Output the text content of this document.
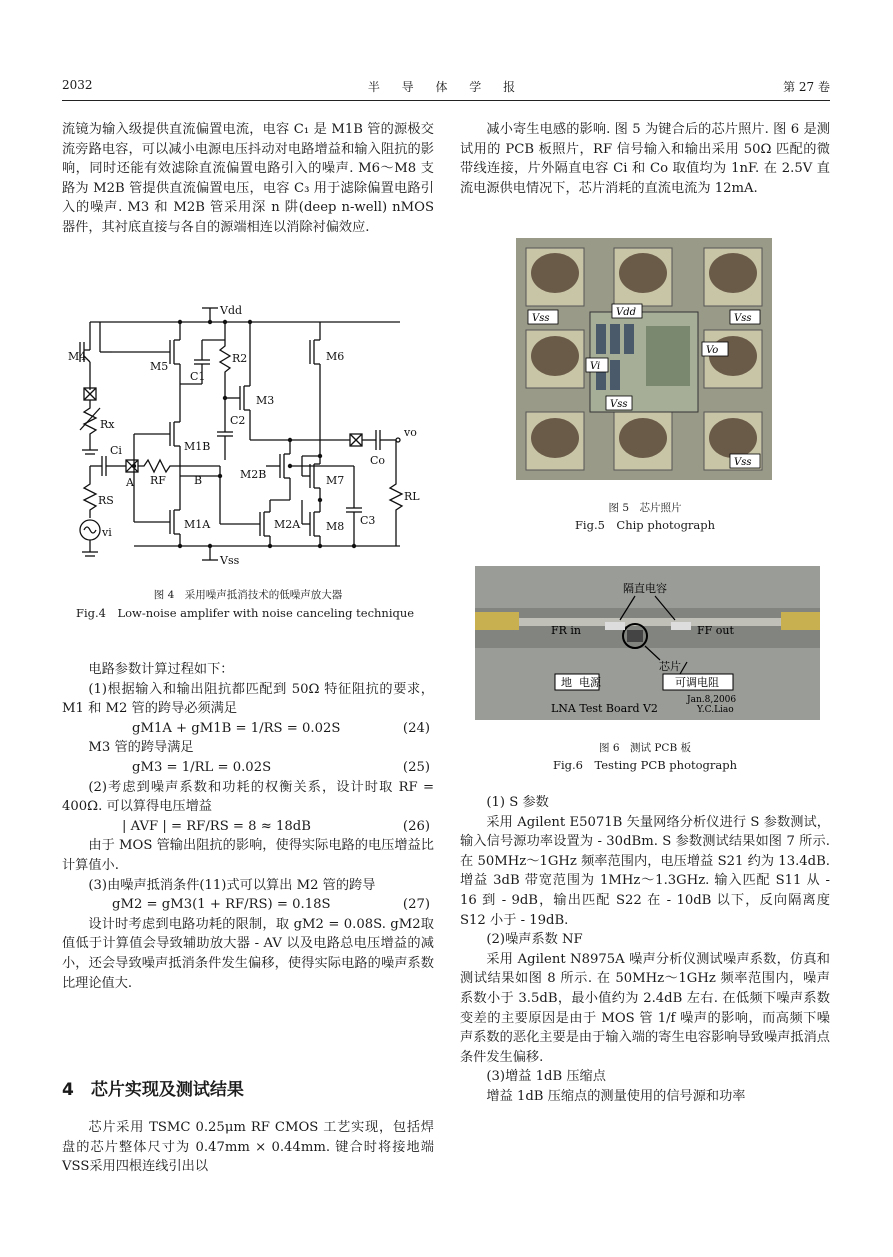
2032	半 导 体 学 报	第 27 卷

流镜为输入级提供直流偏置电流，电容 C₁ 是 M1B 管的源极交流旁路电容，可以减小电源电压抖动对电路增益和输入阻抗的影响，同时还能有效滤除直流偏置电路引入的噪声. M6～M8 支路为 M2B 管提供直流偏置电压，电容 C₃ 用于滤除偏置电路引入的噪声. M3 和 M2B 管采用深 n 阱(deep n-well) nMOS 器件，其衬底直接与各自的源端相连以消除衬偏效应.

Vdd
Vss
M4
M5
M6
M3
M1B
M2B	M7
M1A	M2A M8
C1
C2
C3
Co
Ci
R2
Rx
RF
RS	RL
A	B
vo
vi
图 4　采用噪声抵消技术的低噪声放大器
Fig.4　Low-noise amplifer with noise canceling technique

电路参数计算过程如下：

(1)根据输入和输出阻抗都匹配到 50Ω 特征阻抗的要求，M1 和 M2 管的跨导必须满足

gM1A + gM1B = 1/RS = 0.02S	(24)

M3 管的跨导满足

gM3 = 1/RL = 0.02S	(25)

(2)考虑到噪声系数和功耗的权衡关系，设计时取 RF = 400Ω. 可以算得电压增益

| AVF | = RF/RS = 8 ≈ 18dB	(26)

由于 MOS 管输出阻抗的影响，使得实际电路的电压增益比计算值小.

(3)由噪声抵消条件(11)式可以算出 M2 管的跨导

gM2 = gM3(1 + RF/RS) = 0.18S	(27)

设计时考虑到电路功耗的限制，取 gM2 = 0.08S. gM2取值低于计算值会导致辅助放大器 - AV 以及电路总电压增益的减小，还会导致噪声抵消条件发生偏移，使得实际电路的噪声系数比理论值大.

4　芯片实现及测试结果

芯片采用 TSMC 0.25μm RF CMOS 工艺实现，包括焊盘的芯片整体尺寸为 0.47mm × 0.44mm. 键合时将接地端 VSS采用四根连线引出以

减小寄生电感的影响. 图 5 为键合后的芯片照片. 图 6 是测试用的 PCB 板照片，RF 信号输入和输出采用 50Ω 匹配的微带线连接，片外隔直电容 Ci 和 Co 取值均为 1nF. 在 2.5V 直流电源供电情况下，芯片消耗的直流电流为 12mA.

Vss
Vdd
Vss
Vo
Vi
Vss
Vss
图 5　芯片照片
Fig.5　Chip photograph
隔直电容
FR in	FF out
芯片
地 电源	可调电阻
LNA Test Board V2
Jan.8,2006
Y.C.Liao
图 6　测试 PCB 板
Fig.6　Testing PCB photograph

(1) S 参数

采用 Agilent E5071B 矢量网络分析仪进行 S 参数测试，输入信号源功率设置为 - 30dBm. S 参数测试结果如图 7 所示. 在 50MHz～1GHz 频率范围内，电压增益 S21 约为 13.4dB. 增益 3dB 带宽范围为 1MHz～1.3GHz. 输入匹配 S11 从 - 16 到 - 9dB，输出匹配 S22 在 - 10dB 以下，反向隔离度 S12 小于 - 19dB.

(2)噪声系数 NF

采用 Agilent N8975A 噪声分析仪测试噪声系数，仿真和测试结果如图 8 所示. 在 50MHz～1GHz 频率范围内，噪声系数小于 3.5dB，最小值约为 2.4dB 左右. 在低频下噪声系数变差的主要原因是由于 MOS 管 1/f 噪声的影响，而高频下噪声系数的恶化主要是由于输入端的寄生电容影响导致噪声抵消点条件发生偏移.

(3)增益 1dB 压缩点

增益 1dB 压缩点的测量使用的信号源和功率
